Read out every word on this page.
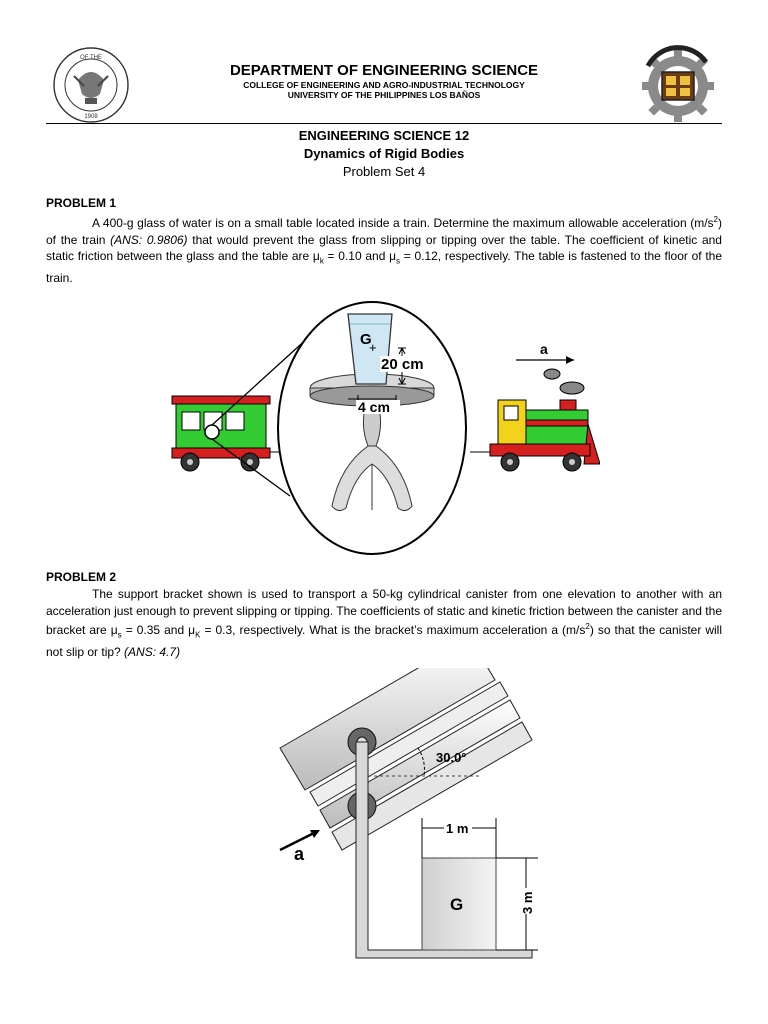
OF THE
1908
DEPARTMENT OF ENGINEERING SCIENCE
COLLEGE OF ENGINEERING AND AGRO-INDUSTRIAL TECHNOLOGY
UNIVERSITY OF THE PHILIPPINES LOS BAÑOS
ENGINEERING SCIENCE 12
Dynamics of Rigid Bodies
Problem Set 4
PROBLEM 1
A 400-g glass of water is on a small table located inside a train. Determine the maximum allowable acceleration $(m/s^2)$ of the train (ANS: 0.9806) that would prevent the glass from slipping or tipping over the table. The coefficient of kinetic and static friction between the glass and the table are $\mu_k = 0.10$ and $\mu_s = 0.12$, respectively. The table is fastened to the floor of the train.
G
+
20 cm
4 cm
a
PROBLEM 2
The support bracket shown is used to transport a 50-kg cylindrical canister from one elevation to another with an acceleration just enough to prevent slipping or tipping. The coefficients of static and kinetic friction between the canister and the bracket are $\mu_s = 0.35$ and $\mu_K = 0.3$, respectively. What is the bracket’s maximum acceleration a $(m/s^2)$ so that the canister will not slip or tip? (ANS: 4.7)
30.0°
G
1 m
3 m
a
